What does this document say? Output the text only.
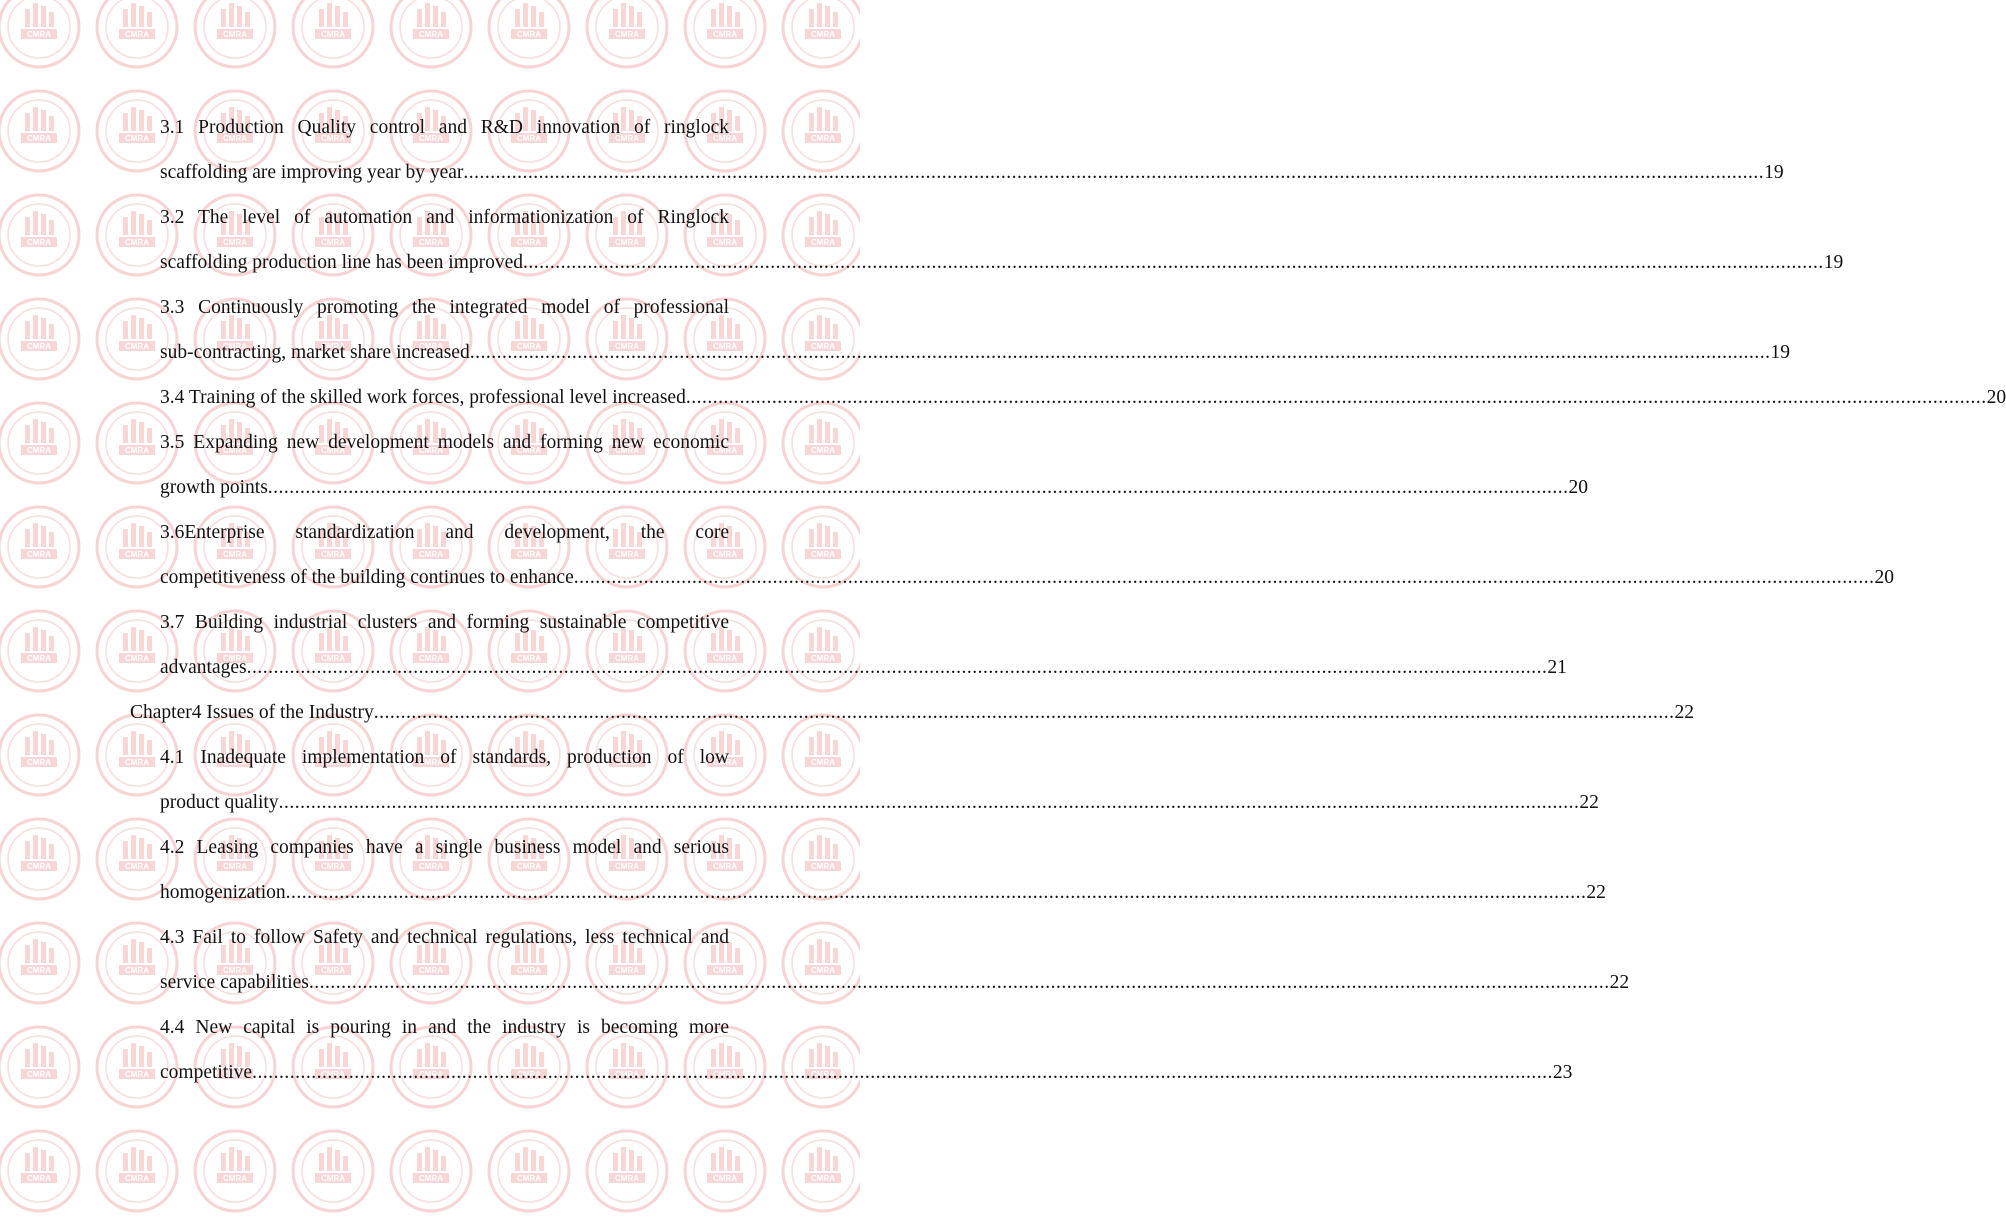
3.1 Production Quality control and R&D innovation of ringlock
scaffolding are improving year by year .....	19
3.2 The level of automation and informationization of Ringlock
scaffolding production line has been improved .....	19
3.3 Continuously promoting the integrated model of professional
sub-contracting, market share increased .....	19
3.4 Training of the skilled work forces, professional level increased .....	20
3.5 Expanding new development models and forming new economic
growth points .....	20
3.6Enterprise standardization and development, the core
competitiveness of the building continues to enhance .....	20
3.7 Building industrial clusters and forming sustainable competitive
advantages .....	21
Chapter4 Issues of the Industry .....	22
4.1 Inadequate implementation of standards, production of low
product quality .....	22
4.2 Leasing companies have a single business model and serious
homogenization .....	22
4.3 Fail to follow Safety and technical regulations, less technical and
service capabilities .....	22
4.4 New capital is pouring in and the industry is becoming more
competitive .....	23
